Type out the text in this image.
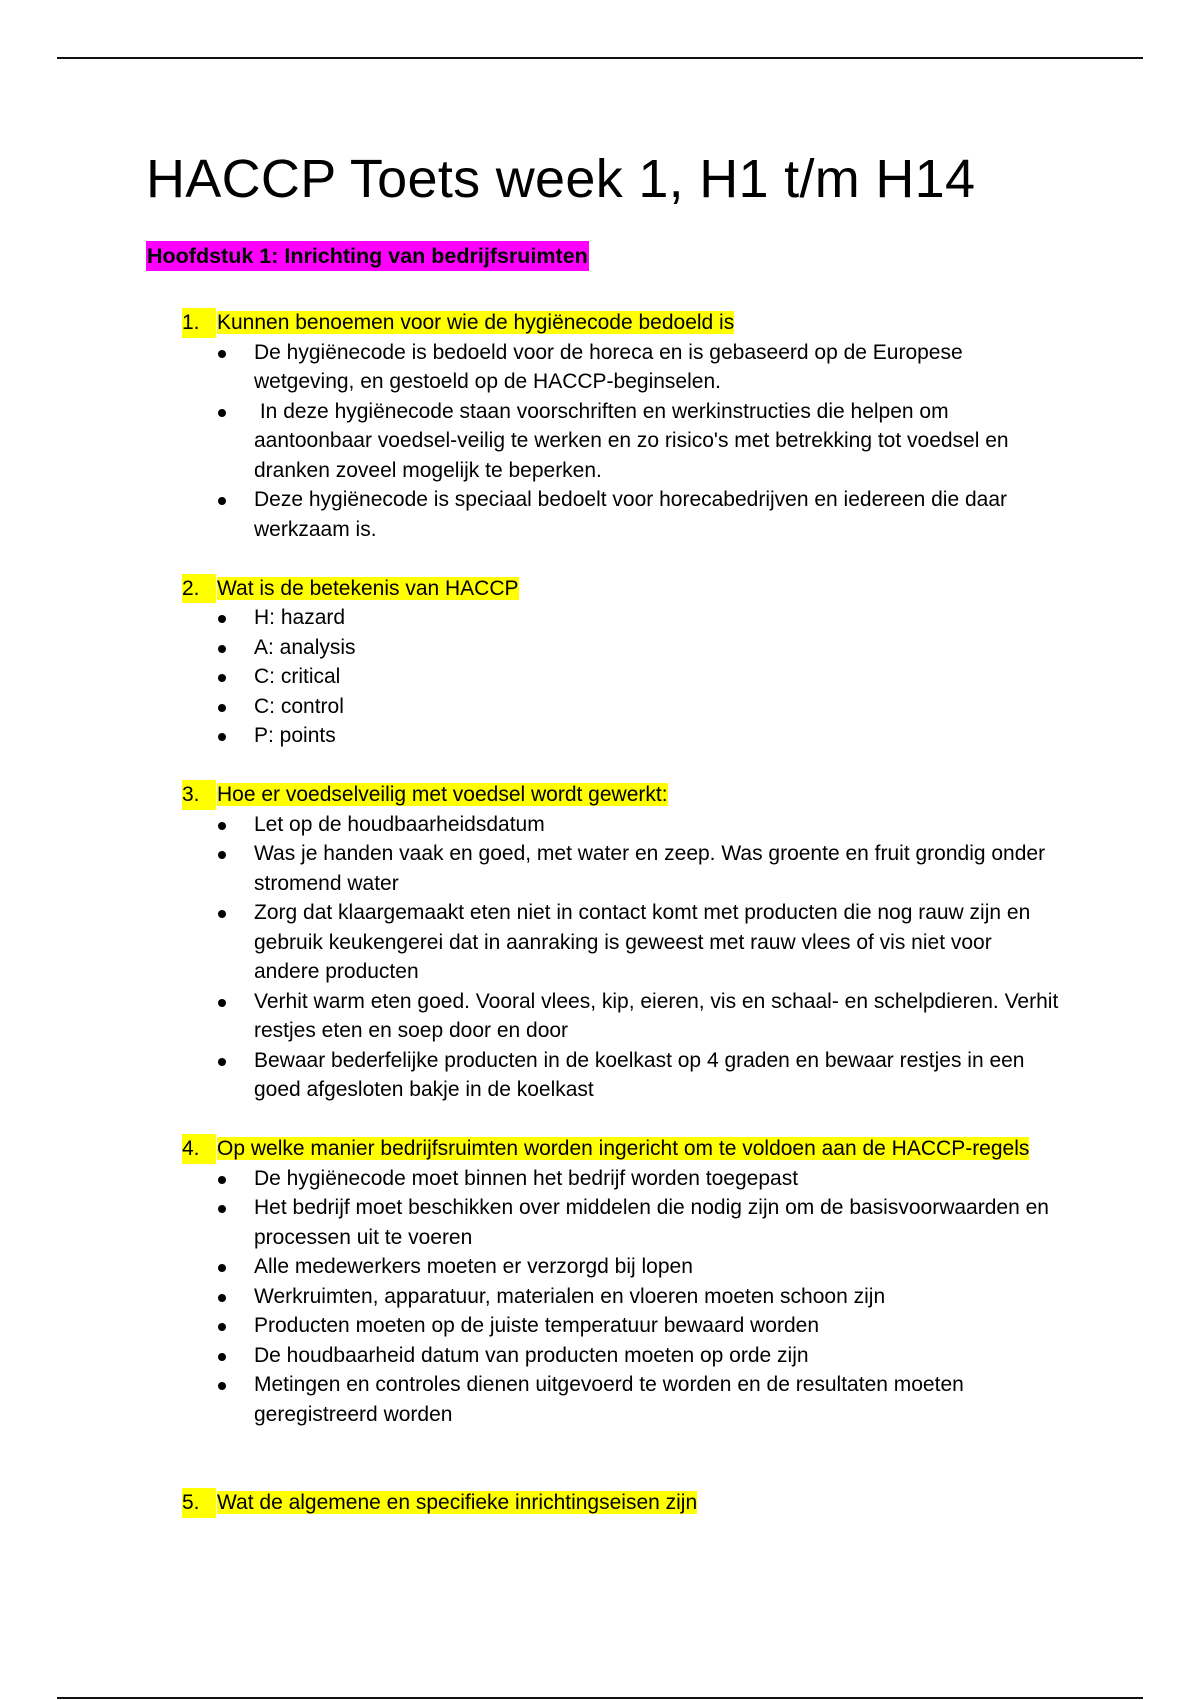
HACCP Toets week 1, H1 t/m H14
Hoofdstuk 1: Inrichting van bedrijfsruimten

1. Kunnen benoemen voor wie de hygiënecode bedoeld is

De hygiënecode is bedoeld voor de horeca en is gebaseerd op de Europese wetgeving, en gestoeld op de HACCP-beginselen.
In deze hygiënecode staan voorschriften en werkinstructies die helpen om aantoonbaar voedsel-veilig te werken en zo risico's met betrekking tot voedsel en dranken zoveel mogelijk te beperken.
Deze hygiënecode is speciaal bedoelt voor horecabedrijven en iedereen die daar werkzaam is.

2. Wat is de betekenis van HACCP

H: hazard
A: analysis
C: critical
C: control
P: points

3. Hoe er voedselveilig met voedsel wordt gewerkt:

Let op de houdbaarheidsdatum
Was je handen vaak en goed, met water en zeep. Was groente en fruit grondig onder stromend water
Zorg dat klaargemaakt eten niet in contact komt met producten die nog rauw zijn en gebruik keukengerei dat in aanraking is geweest met rauw vlees of vis niet voor andere producten
Verhit warm eten goed. Vooral vlees, kip, eieren, vis en schaal- en schelpdieren. Verhit restjes eten en soep door en door
Bewaar bederfelijke producten in de koelkast op 4 graden en bewaar restjes in een goed afgesloten bakje in de koelkast

4. Op welke manier bedrijfsruimten worden ingericht om te voldoen aan de HACCP-regels

De hygiënecode moet binnen het bedrijf worden toegepast
Het bedrijf moet beschikken over middelen die nodig zijn om de basisvoorwaarden en processen uit te voeren
Alle medewerkers moeten er verzorgd bij lopen
Werkruimten, apparatuur, materialen en vloeren moeten schoon zijn
Producten moeten op de juiste temperatuur bewaard worden
De houdbaarheid datum van producten moeten op orde zijn
Metingen en controles dienen uitgevoerd te worden en de resultaten moeten geregistreerd worden

5. Wat de algemene en specifieke inrichtingseisen zijn
